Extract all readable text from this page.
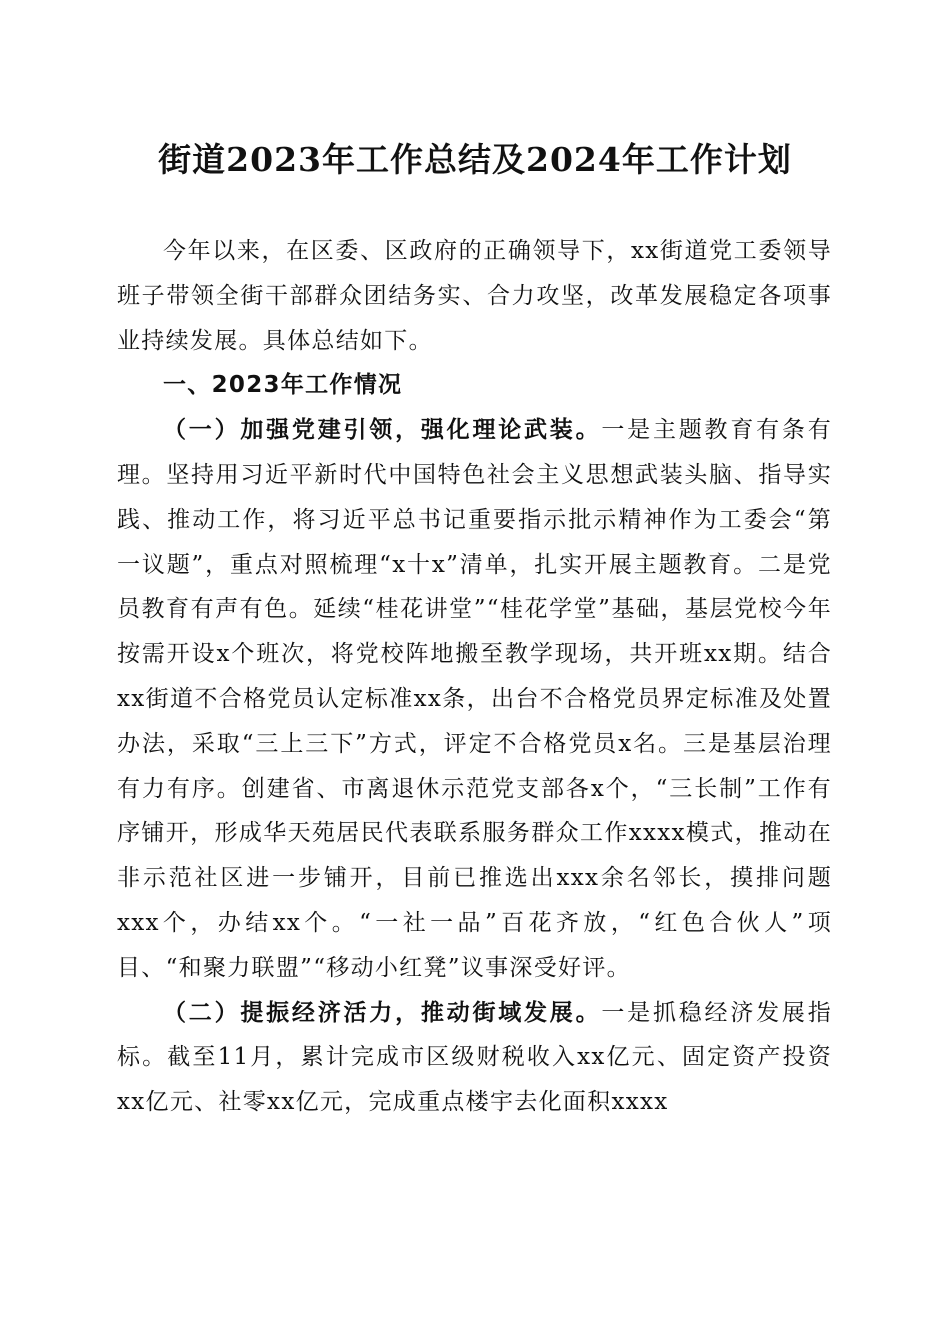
街道2023年工作总结及2024年工作计划

今年以来，在区委、区政府的正确领导下，xx街道党工委领导班子带领全街干部群众团结务实、合力攻坚，改革发展稳定各项事业持续发展。具体总结如下。

一、2023年工作情况

（一）加强党建引领，强化理论武装。一是主题教育有条有理。坚持用习近平新时代中国特色社会主义思想武装头脑、指导实践、推动工作，将习近平总书记重要指示批示精神作为工委会“第一议题”，重点对照梳理“x十x”清单，扎实开展主题教育。二是党员教育有声有色。延续“桂花讲堂”“桂花学堂”基础，基层党校今年按需开设x个班次，将党校阵地搬至教学现场，共开班xx期。结合xx街道不合格党员认定标准xx条，出台不合格党员界定标准及处置办法，采取“三上三下”方式，评定不合格党员x名。三是基层治理有力有序。创建省、市离退休示范党支部各x个，“三长制”工作有序铺开，形成华天苑居民代表联系服务群众工作xxxx模式，推动在非示范社区进一步铺开，目前已推选出xxx余名邻长，摸排问题xxx个，办结xx个。“一社一品”百花齐放，“红色合伙人”项目、“和聚力联盟”“移动小红凳”议事深受好评。

（二）提振经济活力，推动街域发展。一是抓稳经济发展指标。截至11月，累计完成市区级财税收入xx亿元、固定资产投资xx亿元、社零xx亿元，完成重点楼宇去化面积xxxx
